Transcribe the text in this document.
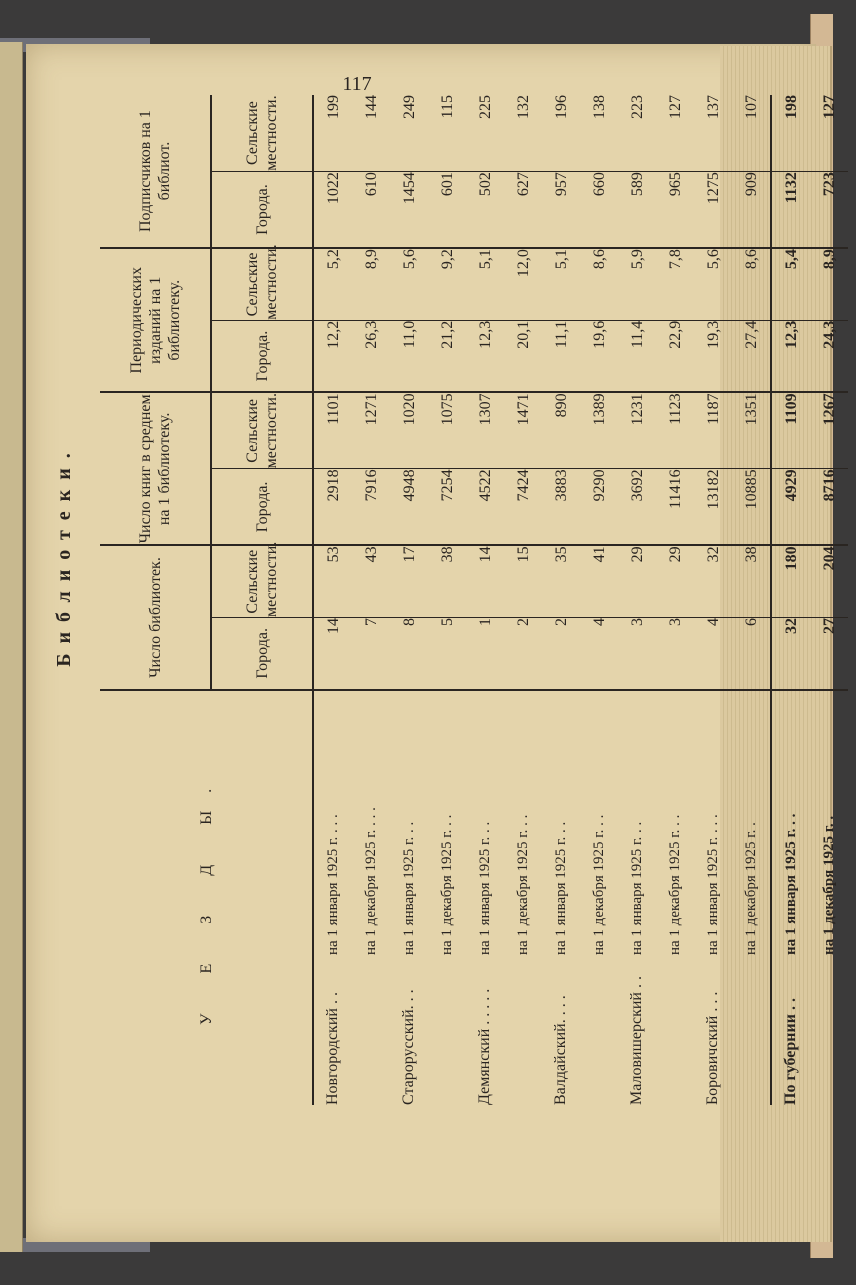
Библиотеки.
У Е З Д Ы.	Число библиотек.		Число книг в среднем на 1 библиотеку.		Периодических изданий на 1 библиотеку.		Подписчиков на 1 библиот.	
	Города.	Сельские местности.	Города.	Сельские местности.	Города.	Сельские местности.	Города.	Сельские местности.
Новгородский . .на 1 января 1925 г. . . .	14	53	2918	1101	12,2	5,2	1022	199
на 1 декабря 1925 г. . . .	7	43	7916	1271	26,3	8,9	610	144
Старорусский. . .на 1 января 1925 г. . .	8	17	4948	1020	11,0	5,6	1454	249
на 1 декабря 1925 г. . .	5	38	7254	1075	21,2	9,2	601	115
Демянский . . . . .на 1 января 1925 г. . .	1	14	4522	1307	12,3	5,1	502	225
на 1 декабря 1925 г. . .	2	15	7424	1471	20,1	12,0	627	132
Валдайский. . . .на 1 января 1925 г. . .	2	35	3883	890	11,1	5,1	957	196
на 1 декабря 1925 г. . .	4	41	9290	1389	19,6	8,6	660	138
Маловишерский . .на 1 января 1925 г. . .	3	29	3692	1231	11,4	5,9	589	223
на 1 декабря 1925 г. . .	3	29	11416	1123	22,9	7,8	965	127
Боровичский . . .на 1 января 1925 г. . . .	4	32	13182	1187	19,3	5,6	1275	137
на 1 декабря 1925 г. .	6	38	10885	1351	27,4	8,6	909	107
По губернии . .на 1 января 1925 г. . .	32	180	4929	1109	12,3	5,4	1132	198
на 1 декабря 1925 г. .	27	204	8716	1267	24,3	8,9	723	127
117
